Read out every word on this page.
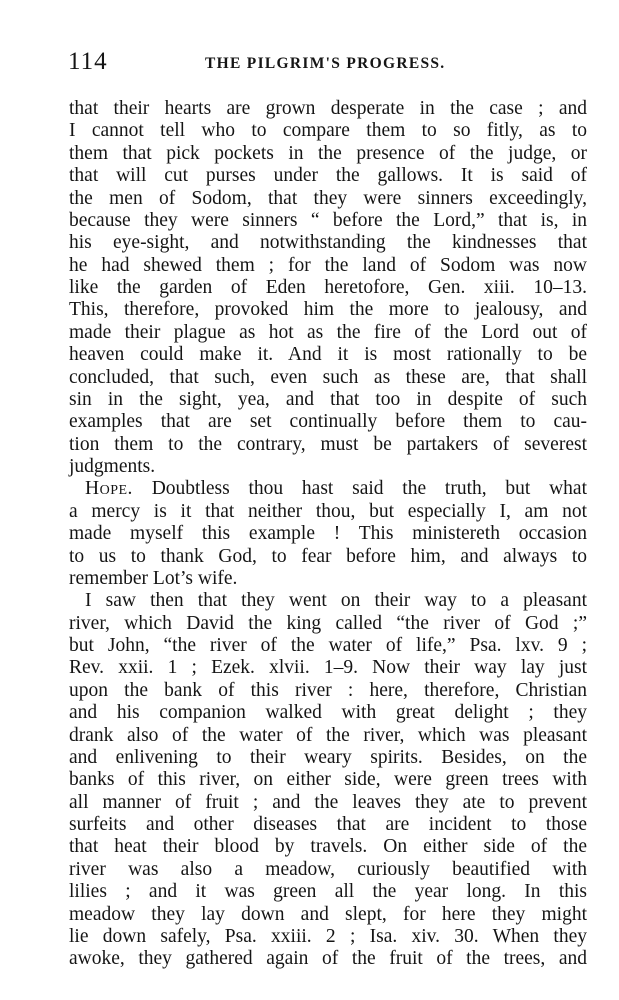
114	THE PILGRIM'S PROGRESS.
that their hearts are grown desperate in the case ; and
I cannot tell who to compare them to so fitly, as to
them that pick pockets in the presence of the judge, or
that will cut purses under the gallows. It is said of
the men of Sodom, that they were sinners exceedingly,
because they were sinners “ before the Lord,” that is, in
his eye-sight, and notwithstanding the kindnesses that
he had shewed them ; for the land of Sodom was now
like the garden of Eden heretofore, Gen. xiii. 10–13.
This, therefore, provoked him the more to jealousy, and
made their plague as hot as the fire of the Lord out of
heaven could make it. And it is most rationally to be
concluded, that such, even such as these are, that shall
sin in the sight, yea, and that too in despite of such
examples that are set continually before them to cau-
tion them to the contrary, must be partakers of severest
judgments.
Hope. Doubtless thou hast said the truth, but what
a mercy is it that neither thou, but especially I, am not
made myself this example ! This ministereth occasion
to us to thank God, to fear before him, and always to
remember Lot’s wife.
I saw then that they went on their way to a pleasant
river, which David the king called “the river of God ;”
but John, “the river of the water of life,” Psa. lxv. 9 ;
Rev. xxii. 1 ; Ezek. xlvii. 1–9. Now their way lay just
upon the bank of this river : here, therefore, Christian
and his companion walked with great delight ; they
drank also of the water of the river, which was pleasant
and enlivening to their weary spirits. Besides, on the
banks of this river, on either side, were green trees with
all manner of fruit ; and the leaves they ate to prevent
surfeits and other diseases that are incident to those
that heat their blood by travels. On either side of the
river was also a meadow, curiously beautified with
lilies ; and it was green all the year long. In this
meadow they lay down and slept, for here they might
lie down safely, Psa. xxiii. 2 ; Isa. xiv. 30. When they
awoke, they gathered again of the fruit of the trees, and
